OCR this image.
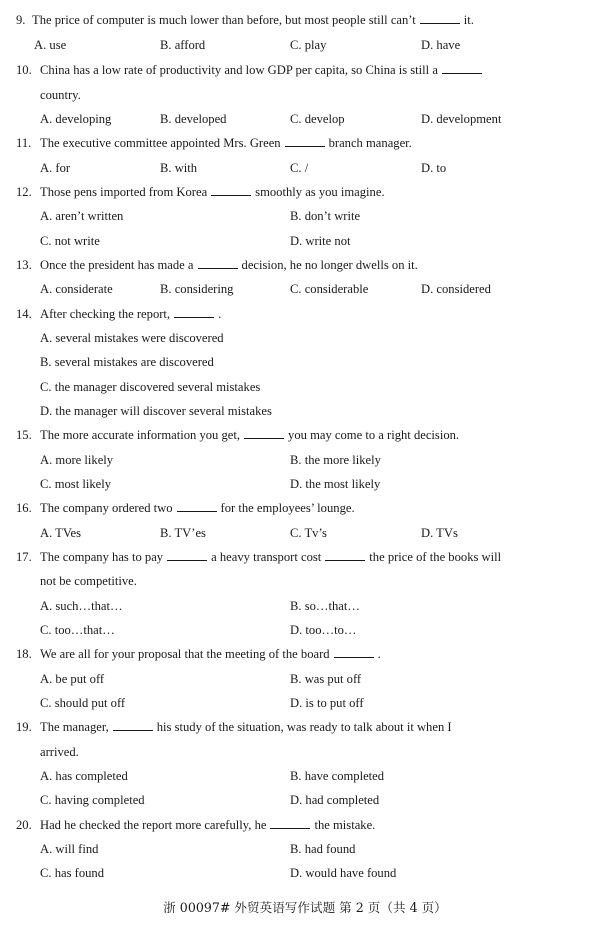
9. The price of computer is much lower than before, but most people still can’t	it.
A. use	B. afford	C. play	D. have
10. China has a low rate of productivity and low GDP per capita, so China is still a
country.
A. developing	B. developed	C. develop	D. development
11. The executive committee appointed Mrs. Green	branch manager.
A. for	B. with	C. /	D. to
12. Those pens imported from Korea	smoothly as you imagine.
A. aren’t written	B. don’t write
C. not write	D. write not
13. Once the president has made a	decision, he no longer dwells on it.
A. considerate	B. considering	C. considerable	D. considered
14. After checking the report,	.
A. several mistakes were discovered
B. several mistakes are discovered
C. the manager discovered several mistakes
D. the manager will discover several mistakes
15. The more accurate information you get,	you may come to a right decision.
A. more likely	B. the more likely
C. most likely	D. the most likely
16. The company ordered two	for the employees’ lounge.
A. TVes	B. TV’es	C. Tv’s	D. TVs
17. The company has to pay	a heavy transport cost	the price of the books will
not be competitive.
A. such…that…	B. so…that…
C. too…that…	D. too…to…
18. We are all for your proposal that the meeting of the board	.
A. be put off	B. was put off
C. should put off	D. is to put off
19. The manager,	his study of the situation, was ready to talk about it when I
arrived.
A. has completed	B. have completed
C. having completed	D. had completed
20. Had he checked the report more carefully, he	the mistake.
A. will find	B. had found
C. has found	D. would have found
浙 00097# 外贸英语写作试题 第 2 页（共 4 页）
